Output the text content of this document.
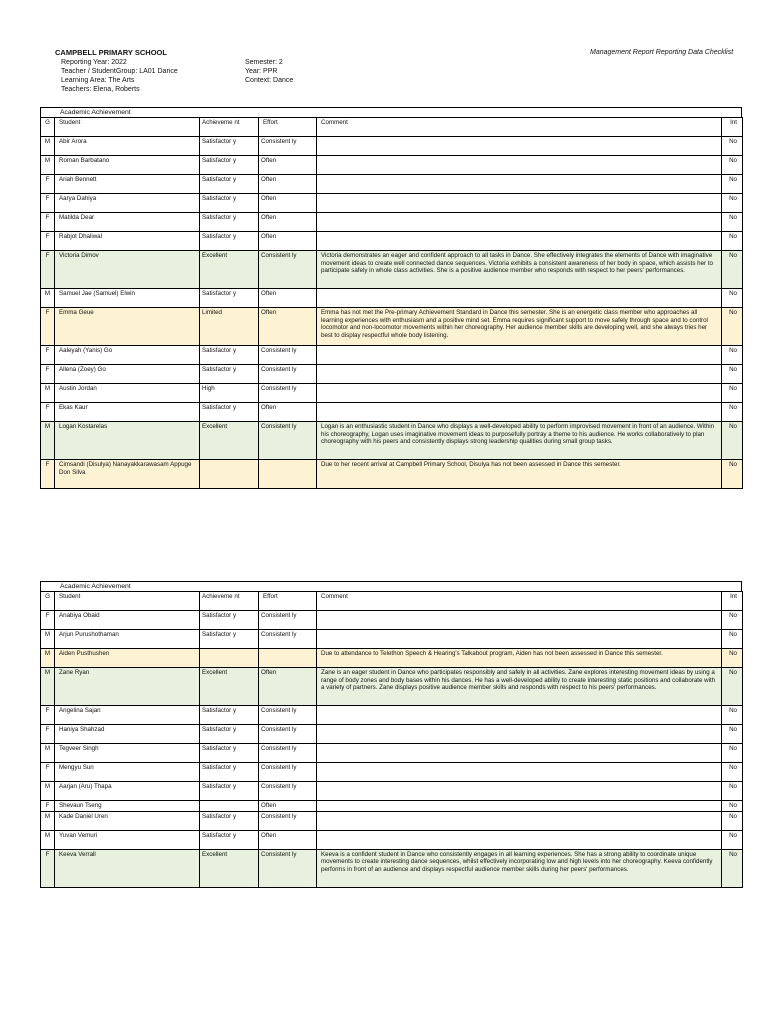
CAMPBELL PRIMARY SCHOOL	Management Report Reporting Data Checklist
Reporting Year: 2022
Teacher / StudentGroup: LA01 Dance
Learning Area: The Arts
Teachers: Elena, Roberts
Semester: 2
Year: PPR
Context: Dance
Academic Achievement
G	Student	Achieveme nt	Effort	Comment	Int
M	Abir Arora	Satisfactor y	Consistent ly		No
M	Roman Barbatano	Satisfactor y	Often		No
F	Ariah Bennett	Satisfactor y	Often		No
F	Aarya Dahiya	Satisfactor y	Often		No
F	Matilda Dear	Satisfactor y	Often		No
F	Rabjot Dhaliwal	Satisfactor y	Often		No
F	Victoria Dimov	Excellent	Consistent ly	Victoria demonstrates an eager and confident approach to all tasks in Dance. She effectively integrates the elements of Dance with imaginative movement ideas to create well connected dance sequences. Victoria exhibits a consistent awareness of her body in space, which assists her to participate safely in whole class activities. She is a positive audience member who responds with respect to her peers' performances.	No
M	Samuel Jae (Samuel) Elwin	Satisfactor y	Often		No
F	Emma Geue	Limited	Often	Emma has not met the Pre-primary Achievement Standard in Dance this semester. She is an energetic class member who approaches all learning experiences with enthusiasm and a positive mind set. Emma requires significant support to move safely through space and to control locomotor and non-locomotor movements within her choreography. Her audience member skills are developing well, and she always tries her best to display respectful whole body listening.	No
F	Aaleyah (Yanis) Go	Satisfactor y	Consistent ly		No
F	Allena (Zoey) Go	Satisfactor y	Consistent ly		No
M	Austin Jordan	High	Consistent ly		No
F	Ekas Kaur	Satisfactor y	Often		No
M	Logan Kostarelas	Excellent	Consistent ly	Logan is an enthusiastic student in Dance who displays a well-developed ability to perform improvised movement in front of an audience. Within his choreography, Logan uses imaginative movement ideas to purposefully portray a theme to his audience. He works collaboratively to plan choreography with his peers and consistently displays strong leadership qualities during small group tasks.	No
F	Cimsandi (Disulya) Nanayakkarawasam Appuge Don Silva			Due to her recent arrival at Campbell Primary School, Disulya has not been assessed in Dance this semester.	No
Academic Achievement
G	Student	Achieveme nt	Effort	Comment	Int
F	Anabiya Obaid	Satisfactor y	Consistent ly		No
M	Arjun Purushothaman	Satisfactor y	Consistent ly		No
M	Aiden Pusthushen			Due to attendance to Telethon Speech & Hearing's Talkabout program, Aiden has not been assessed in Dance this semester.	No
M	Zane Ryan	Excellent	Often	Zane is an eager student in Dance who participates responsibly and safely in all activities. Zane explores interesting movement ideas by using a range of body zones and body bases within his dances. He has a well-developed ability to create interesting static positions and collaborate with a variety of partners. Zane displays positive audience member skills and responds with respect to his peers' performances.	No
F	Angelina Sajan	Satisfactor y	Consistent ly		No
F	Haniya Shahzad	Satisfactor y	Consistent ly		No
M	Tegveer Singh	Satisfactor y	Consistent ly		No
F	Mengyu Sun	Satisfactor y	Consistent ly		No
M	Aarjan (Aru) Thapa	Satisfactor y	Consistent ly		No
F	Shevaun Tseng		Often		No
M	Kade Daniel Uren	Satisfactor y	Consistent ly		No
M	Yuvan Vemuri	Satisfactor y	Often		No
F	Keeva Verrall	Excellent	Consistent ly	Keeva is a confident student in Dance who consistently engages in all learning experiences. She has a strong ability to coordinate unique movements to create interesting dance sequences, whilst effectively incorporating low and high levels into her choreography. Keeva confidently performs in front of an audience and displays respectful audience member skills during her peers' performances.	No
